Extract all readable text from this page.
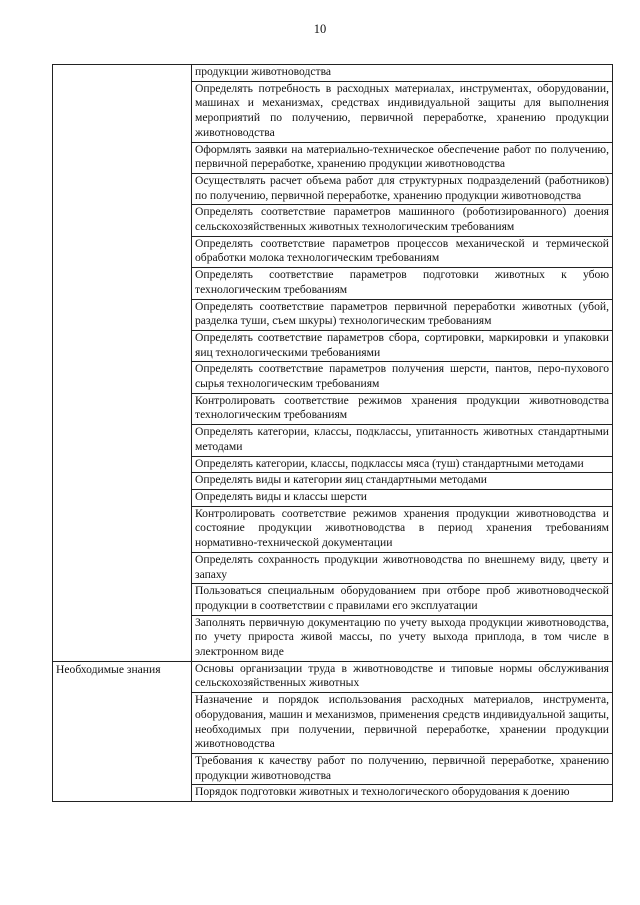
10
	продукции животноводства
	Определять потребность в расходных материалах, инструментах, оборудовании, машинах и механизмах, средствах индивидуальной защиты для выполнения мероприятий по получению, первичной переработке, хранению продукции животноводства
	Оформлять заявки на материально-техническое обеспечение работ по получению, первичной переработке, хранению продукции животноводства
	Осуществлять расчет объема работ для структурных подразделений (работников) по получению, первичной переработке, хранению продукции животноводства
	Определять соответствие параметров машинного (роботизированного) доения сельскохозяйственных животных технологическим требованиям
	Определять соответствие параметров процессов механической и термической обработки молока технологическим требованиям
	Определять соответствие параметров подготовки животных к убою технологическим требованиям
	Определять соответствие параметров первичной переработки животных (убой, разделка туши, съем шкуры) технологическим требованиям
	Определять соответствие параметров сбора, сортировки, маркировки и упаковки яиц технологическими требованиями
	Определять соответствие параметров получения шерсти, пантов, перо-пухового сырья технологическим требованиям
	Контролировать соответствие режимов хранения продукции животноводства технологическим требованиям
	Определять категории, классы, подклассы, упитанность животных стандартными методами
	Определять категории, классы, подклассы мяса (туш) стандартными методами
	Определять виды и категории яиц стандартными методами
	Определять виды и классы шерсти
	Контролировать соответствие режимов хранения продукции животноводства и состояние продукции животноводства в период хранения требованиям нормативно-технической документации
	Определять сохранность продукции животноводства по внешнему виду, цвету и запаху
	Пользоваться специальным оборудованием при отборе проб животноводческой продукции в соответствии с правилами его эксплуатации
	Заполнять первичную документацию по учету выхода продукции животноводства, по учету прироста живой массы, по учету выхода приплода, в том числе в электронном виде

Необходимые знания	Основы организации труда в животноводстве и типовые нормы обслуживания сельскохозяйственных животных
	Назначение и порядок использования расходных материалов, инструмента, оборудования, машин и механизмов, применения средств индивидуальной защиты, необходимых при получении, первичной переработке, хранении продукции животноводства
	Требования к качеству работ по получению, первичной переработке, хранению продукции животноводства
	Порядок подготовки животных и технологического оборудования к доению
